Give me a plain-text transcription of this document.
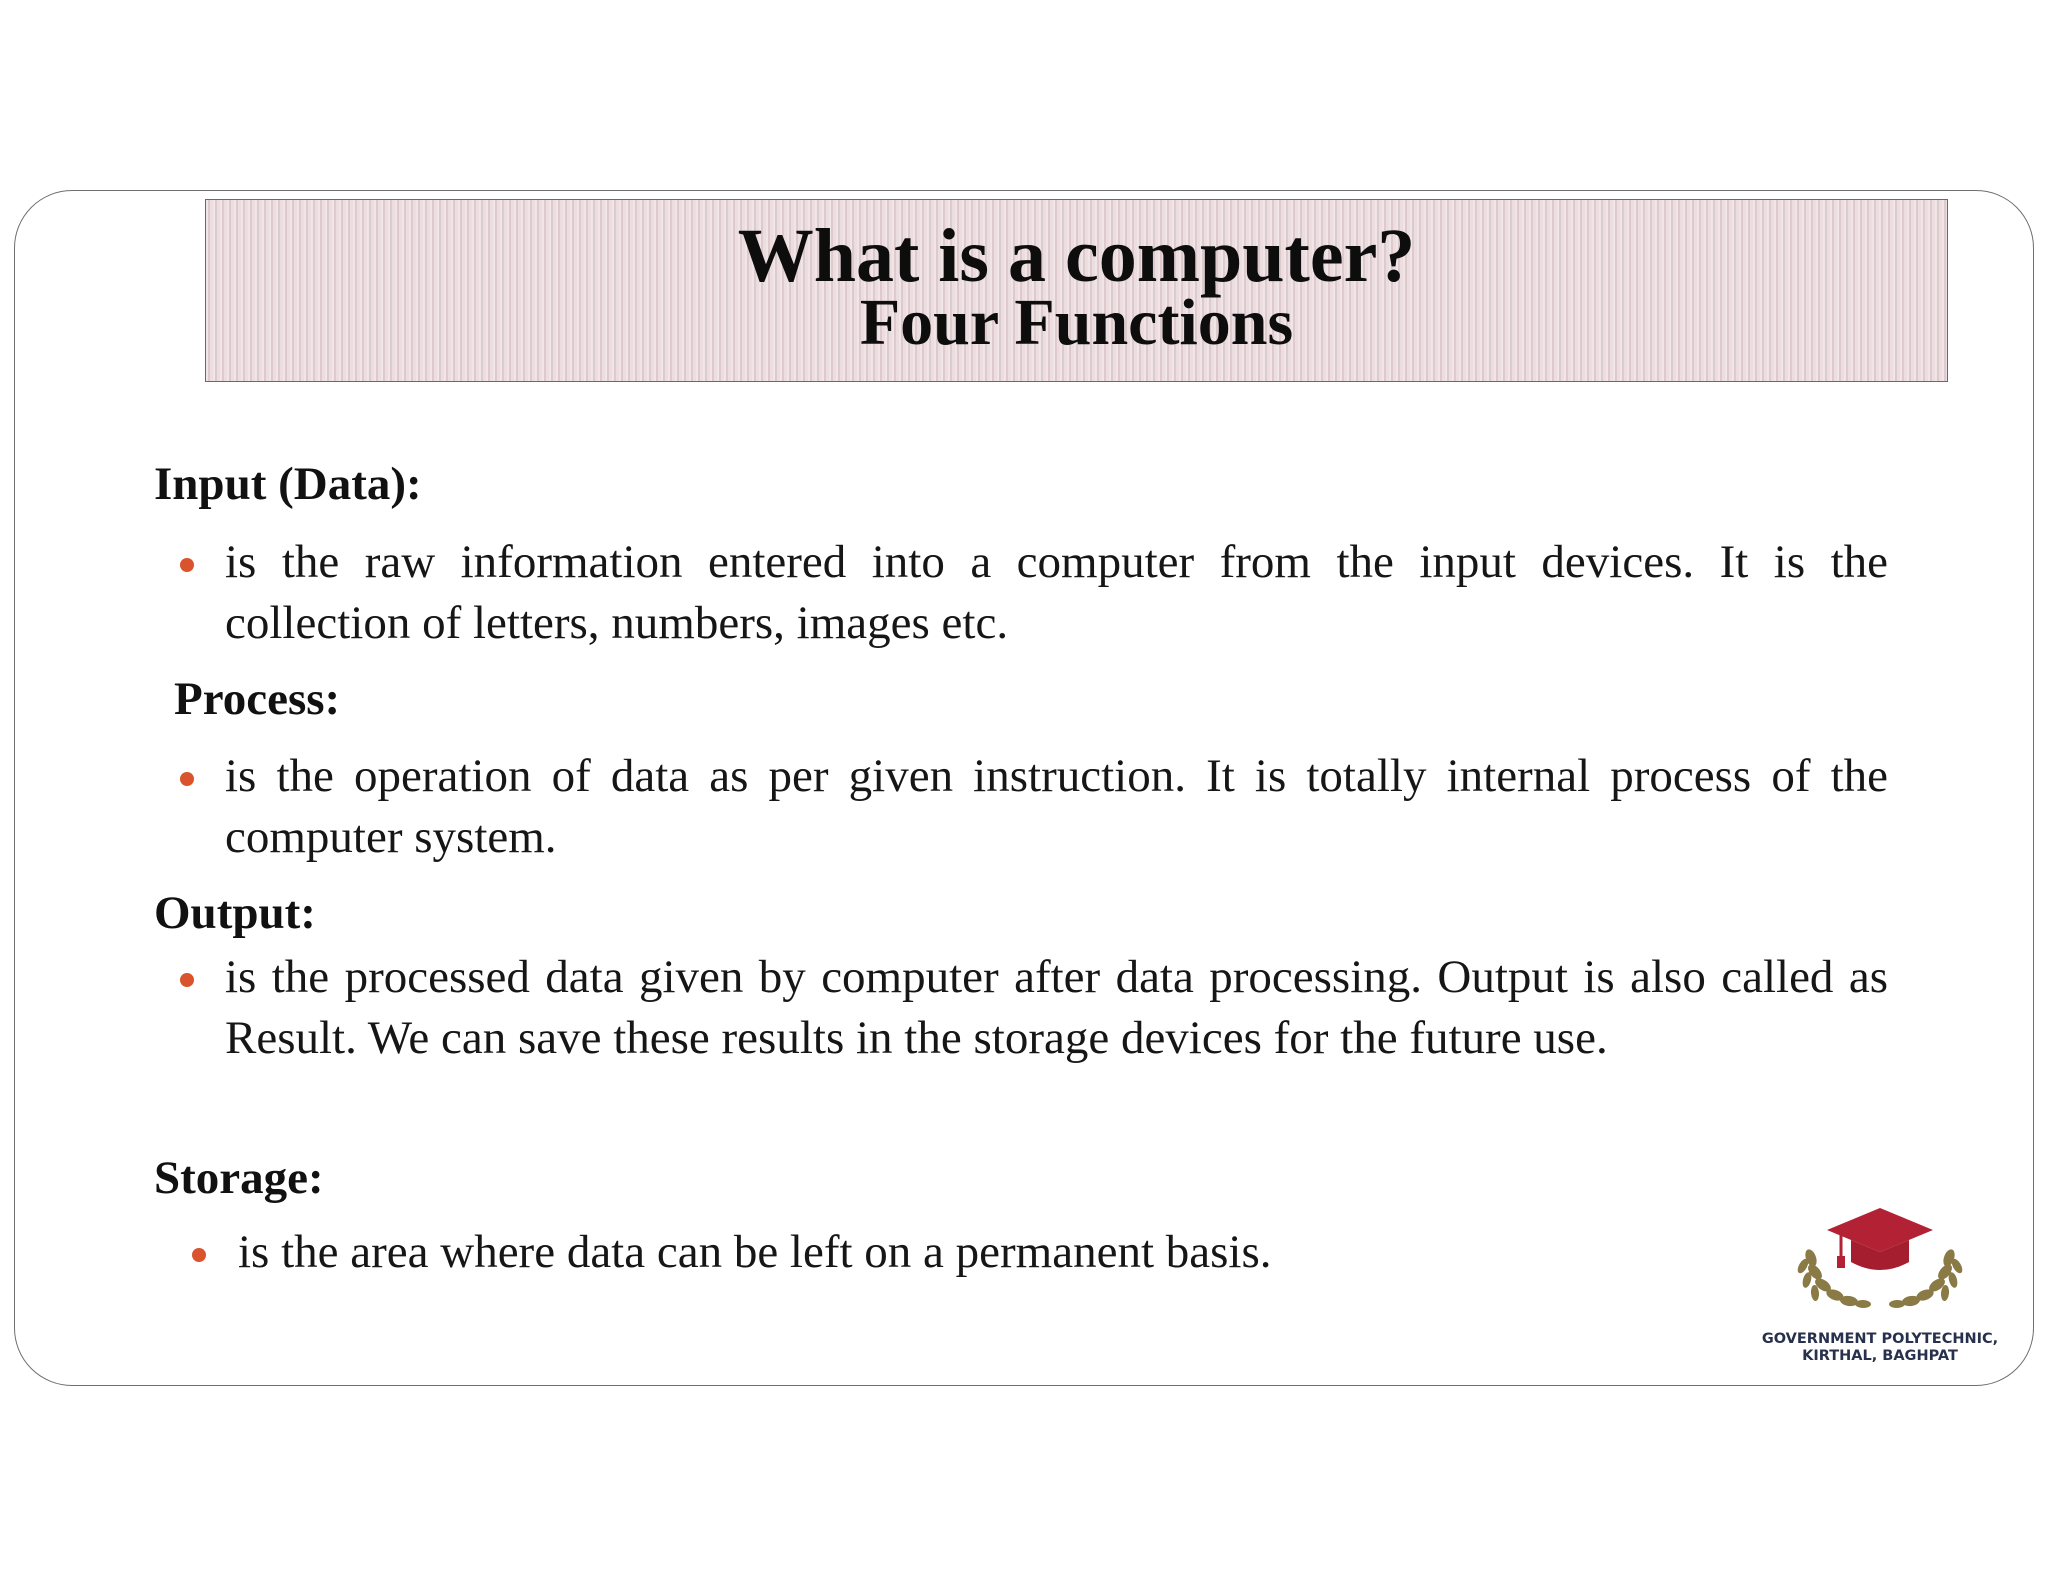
What is a computer?
Four Functions
Input (Data):
is the raw information entered into a computer from the input devices. It is the collection of letters, numbers, images etc.
Process:
is the operation of data as per given instruction. It is totally internal process of the computer system.
Output:
is the processed data given by computer after data processing. Output is also called as Result. We can save these results in the storage devices for the future use.
Storage:
is the area where data can be left on a permanent basis.
GOVERNMENT POLYTECHNIC,
KIRTHAL, BAGHPAT
